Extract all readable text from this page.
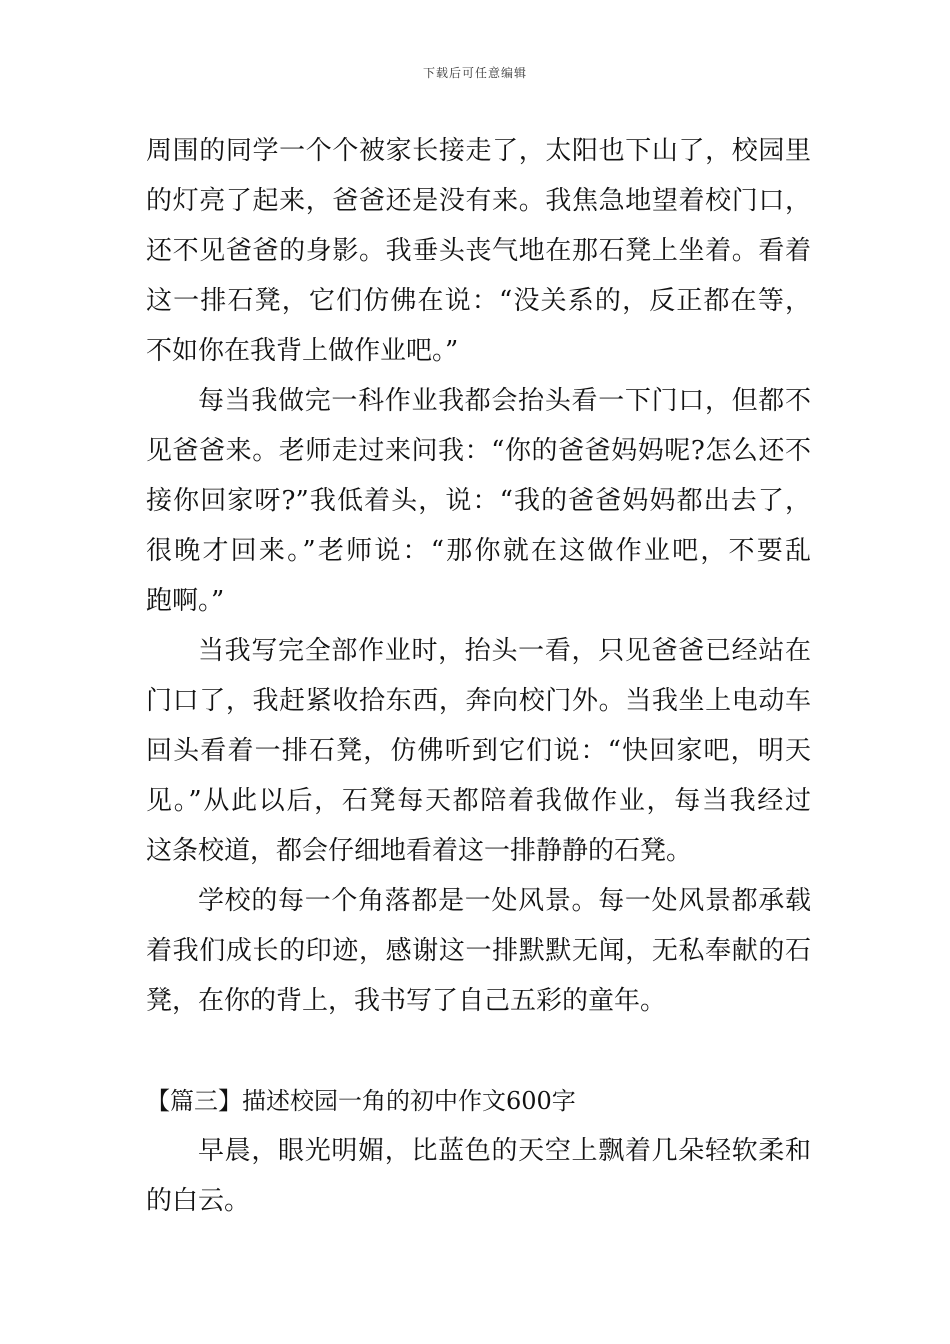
下载后可任意编辑
周围的同学一个个被家长接走了，太阳也下山了，校园里
的灯亮了起来，爸爸还是没有来。我焦急地望着校门口，
还不见爸爸的身影。我垂头丧气地在那石凳上坐着。看着
这一排石凳，它们仿佛在说：“没关系的，反正都在等，
不如你在我背上做作业吧。”
每当我做完一科作业我都会抬头看一下门口，但都不
见爸爸来。老师走过来问我：“你的爸爸妈妈呢?怎么还不
接你回家呀?”我低着头，说：“我的爸爸妈妈都出去了，
很晚才回来。”老师说：“那你就在这做作业吧，不要乱
跑啊。”
当我写完全部作业时，抬头一看，只见爸爸已经站在
门口了，我赶紧收拾东西，奔向校门外。当我坐上电动车
回头看着一排石凳，仿佛听到它们说：“快回家吧，明天
见。”从此以后，石凳每天都陪着我做作业，每当我经过
这条校道，都会仔细地看着这一排静静的石凳。
学校的每一个角落都是一处风景。每一处风景都承载
着我们成长的印迹，感谢这一排默默无闻，无私奉献的石
凳，在你的背上，我书写了自己五彩的童年。
【篇三】描述校园一角的初中作文600字
早晨，眼光明媚，比蓝色的天空上飘着几朵轻软柔和
的白云。
